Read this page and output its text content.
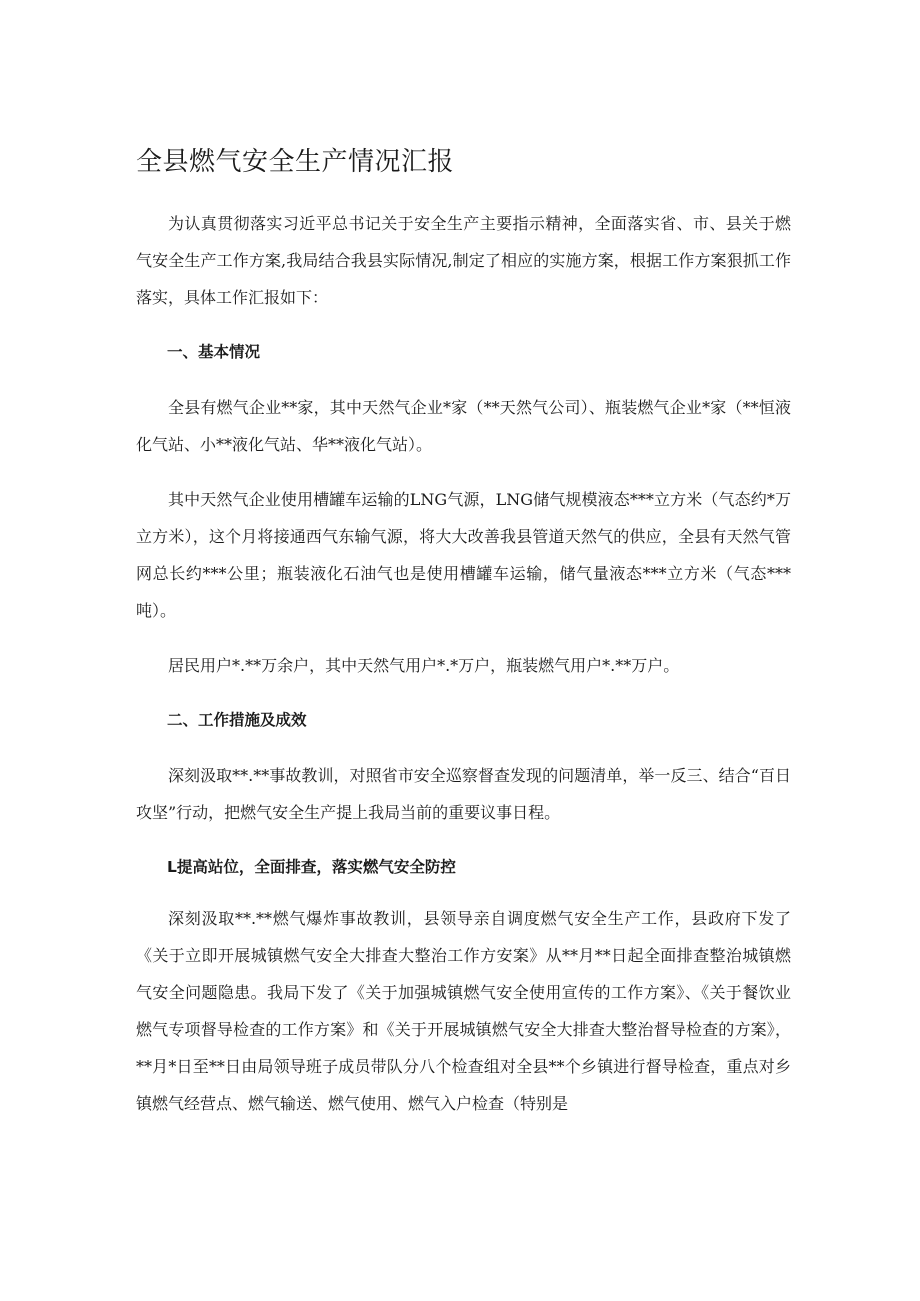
全县燃气安全生产情况汇报

为认真贯彻落实习近平总书记关于安全生产主要指示精神，全面落实省、市、县关于燃气安全生产工作方案,我局结合我县实际情况,制定了相应的实施方案，根据工作方案狠抓工作落实，具体工作汇报如下：

一、基本情况

全县有燃气企业**家，其中天然气企业*家（**天然气公司）、瓶装燃气企业*家（**恒液化气站、小**液化气站、华**液化气站）。

其中天然气企业使用槽罐车运输的LNG气源，LNG储气规模液态***立方米（气态约*万立方米），这个月将接通西气东输气源，将大大改善我县管道天然气的供应，全县有天然气管网总长约***公里；瓶装液化石油气也是使用槽罐车运输，储气量液态***立方米（气态***吨）。

居民用户*.**万余户，其中天然气用户*.*万户，瓶装燃气用户*.**万户。

二、工作措施及成效

深刻汲取**.**事故教训，对照省市安全巡察督查发现的问题清单，举一反三、结合“百日攻坚”行动，把燃气安全生产提上我局当前的重要议事日程。

L提高站位，全面排查，落实燃气安全防控

深刻汲取**.**燃气爆炸事故教训，县领导亲自调度燃气安全生产工作，县政府下发了《关于立即开展城镇燃气安全大排查大整治工作方安案》从**月**日起全面排查整治城镇燃气安全问题隐患。我局下发了《关于加强城镇燃气安全使用宣传的工作方案》、《关于餐饮业燃气专项督导检查的工作方案》和《关于开展城镇燃气安全大排查大整治督导检查的方案》，**月*日至**日由局领导班子成员带队分八个检查组对全县**个乡镇进行督导检查，重点对乡镇燃气经营点、燃气输送、燃气使用、燃气入户检查（特别是
